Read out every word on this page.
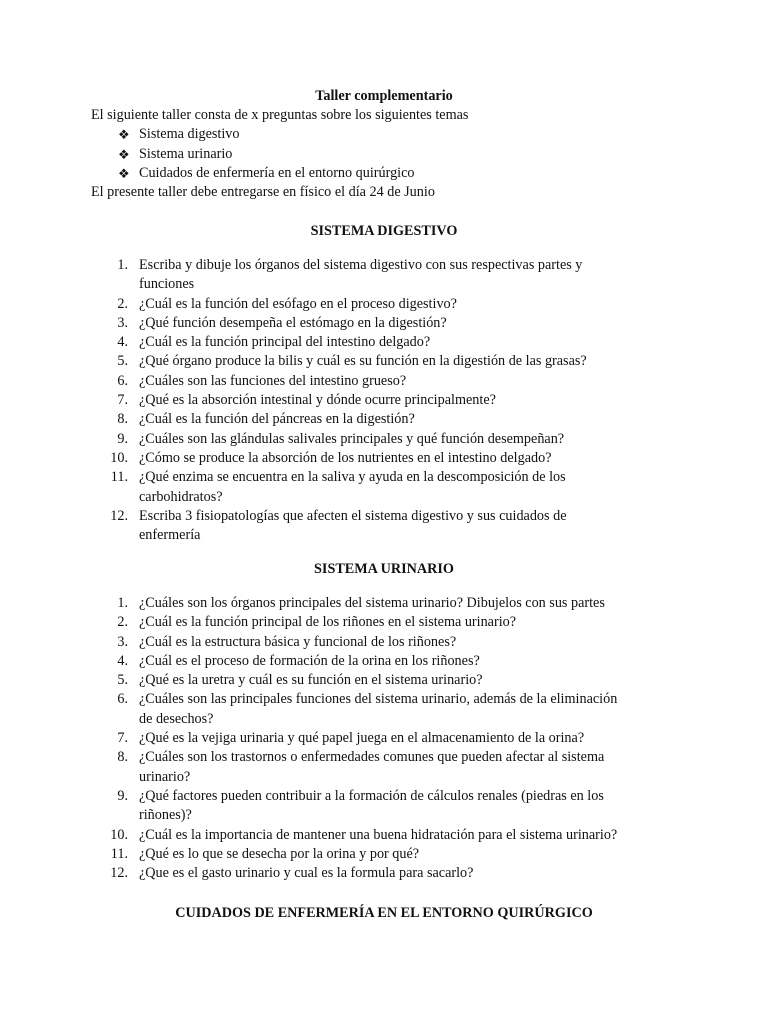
Taller complementario

El siguiente taller consta de x preguntas sobre los siguientes temas

❖ Sistema digestivo
❖ Sistema urinario
❖ Cuidados de enfermería en el entorno quirúrgico

El presente taller debe entregarse en físico el día 24 de Junio

SISTEMA DIGESTIVO
1. Escriba y dibuje los órganos del sistema digestivo con sus respectivas partes y
funciones
2. ¿Cuál es la función del esófago en el proceso digestivo?
3. ¿Qué función desempeña el estómago en la digestión?
4. ¿Cuál es la función principal del intestino delgado?
5. ¿Qué órgano produce la bilis y cuál es su función en la digestión de las grasas?
6. ¿Cuáles son las funciones del intestino grueso?
7. ¿Qué es la absorción intestinal y dónde ocurre principalmente?
8. ¿Cuál es la función del páncreas en la digestión?
9. ¿Cuáles son las glándulas salivales principales y qué función desempeñan?
10. ¿Cómo se produce la absorción de los nutrientes en el intestino delgado?
11. ¿Qué enzima se encuentra en la saliva y ayuda en la descomposición de los
carbohidratos?
12. Escriba 3 fisiopatologías que afecten el sistema digestivo y sus cuidados de
enfermería
SISTEMA URINARIO
1. ¿Cuáles son los órganos principales del sistema urinario? Dibujelos con sus partes
2. ¿Cuál es la función principal de los riñones en el sistema urinario?
3. ¿Cuál es la estructura básica y funcional de los riñones?
4. ¿Cuál es el proceso de formación de la orina en los riñones?
5. ¿Qué es la uretra y cuál es su función en el sistema urinario?
6. ¿Cuáles son las principales funciones del sistema urinario, además de la eliminación
de desechos?
7. ¿Qué es la vejiga urinaria y qué papel juega en el almacenamiento de la orina?
8. ¿Cuáles son los trastornos o enfermedades comunes que pueden afectar al sistema
urinario?
9. ¿Qué factores pueden contribuir a la formación de cálculos renales (piedras en los
riñones)?
10. ¿Cuál es la importancia de mantener una buena hidratación para el sistema urinario?
11. ¿Qué es lo que se desecha por la orina y por qué?
12. ¿Que es el gasto urinario y cual es la formula para sacarlo?
CUIDADOS DE ENFERMERÍA EN EL ENTORNO QUIRÚRGICO
